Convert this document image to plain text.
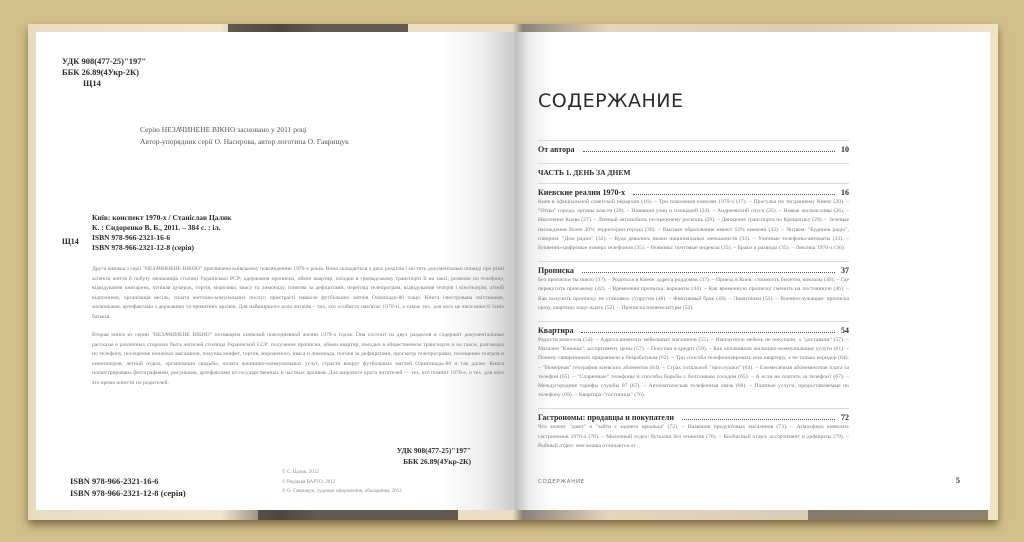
УДК 908(477-25)"197"
ББК 26.89(4Укр-2К)
Щ14
Серію НЕЗАЧИНЕНЕ ВІКНО засновано у 2011 році
Автор-упорядник серії О. Насирова, автор логотипа О. Гаврищук
Щ14
Київ: конспект 1970-х / Станіслав Цалик
К. : Сидоренко В. Б., 2011. – 384 с. : іл.
ISBN 978-966-2321-16-6
ISBN 978-966-2321-12-8 (серія)
Друга книжка з серії "НЕЗАЧИНЕНЕ ВІКНО" присвячена київському повсякденню 1970-х років. Вона складається з двох розділів і містить документальні оповіді про різні аспекти життя й побуту мешканців столиці Української РСР: одержання прописки, обмін квартир, поїздки в громадському транспорті й на таксі, розмови по телефону, відвідування книгарень, купівля цукерок, тортів, морозива, квасу та лимонаду, гонитва за дефіцитами, перегляд телепрограм, відвідування театрів і кінотеатрів, літній відпочинок, організація весіль, сплата житлово-комунальних послуг, пристрасті навколо футбольних матчів Олімпіади-80 тощо. Книга ілюстрована світлинами, малюнками, артефактами з державних та приватних архівів. Для найширшого кола читачів – тих, хто особисто пам'ятає 1970-ті, а також тих, для кого це часи юності їхніх батьків.
Вторая книга из серии "НЕЗАЧИНЕНЕ ВІКНО" посвящена киевской повседневной жизни 1970-х годов. Она состоит из двух разделов и содержит документальные рассказы о различных сторонах быта жителей столицы Украинской ССР: получение прописки, обмен квартир, поездки в общественном транспорте и на такси, разговоры по телефону, посещение книжных магазинов, покупка конфет, тортов, мороженого, кваса и лимонада, погоня за дефицитами, просмотр телепрограмм, посещение театров и кинотеатров, летний отдых, организация свадьбы, оплата жилищно-коммунальных услуг, страсти вокруг футбольных матчей Олимпиады-80 и так далее. Книга иллюстрирована фотографиями, рисунками, артефактами из государственных и частных архивов. Для широкого круга читателей — тех, кто помнит 1970-е, и тех, для кого это время юности их родителей.
УДК 908(477-25)"197"
ББК 26.89(4Укр-2К)
ISBN 978-966-2321-16-6
ISBN 978-966-2321-12-8 (серія)
© С. Цалик, 2012
© Редакція ВАРТО, 2012
© О. Гаврищук, художнє оформлення, обкладинка, 2012
СОДЕРЖАНИЕ
От автора	10
ЧАСТЬ 1. ДЕНЬ ЗА ДНЕМ
Киевские реалии 1970-х	16
Киев в официальной советской иерархии (16). – Три поколения киевлян 1970-х (17). – Прогулка по тогдашнему Киеву (20). – "Отцы" города, органы власти (20). – Названия улиц и площадей (24). – Андреевский спуск (25). – Новые жилмассивы (26). – Население Киева (27). – Личный автомобиль по-прежнему роскошь (29). – Движение транспорта по Крещатику (29). – Зеленые насаждения более 30% территории города (30). – Высшее образование имеют 12% киевлян (32). – Читаем: "Будинок радіо", говорим: "Дом радио" (32). – Куда девались языки национальных меньшинств (33). – Уличные телефоны-автоматы (33). – Буквенно-цифровые номера телефонов (35). – Новинка: почтовые индексы (35). – Браки и разводы (35). – Лексика 1970-х (36).
Прописка	37
Без прописки ты никто (37). – Родиться в Киеве: адреса роддомов (37). – Приезд в Киев: стоимость билетов, вокзалы (40). – Где перекусить приезжему (42). – Временная прописка: варианты (44). – Как временную прописку сменить на постоянную (46). – Как получить прописку, не становясь супругом (48). – Фиктивный брак (49). – Лимитчики (51). – Военнослужащие: прописка сразу, квартиру надо ждать (52). – Прописка номенклатуры (52).
Квартира	54
Радости новосела (54). – Адреса киевских мебельных магазинов (55). – Импортную мебель не покупали, а "доставали" (57). – Магазин "Книжка": ассортимент, цены (57). – Покупки в кредит (59). – Как оплачивали жилищно-коммунальные услуги (61). – Почему священников приравняли к безработным (62). – Три способа телефонизировать всю квартиру, а не только коридор (64). – "Номерная" география киевских абонентов (64). – Страх тотальной "прослушки" (64). – Ежемесячная абонементная плата за телефон (65). – "Спаренные" телефоны и способы борьбы с болтливым соседом (65). – А если не платить за телефон? (67). – Междугородние тарифы службы 07 (67). – Автоматическая телефонная связь (68). – Платные услуги, предоставляемые по телефону (69). – Квартира-"гостиница" (70).
Гастрономы: продавцы и покупатели	72
Что значит "дают" и "зайти с заднего крыльца" (72). – Названия продуктовых магазинов (73). – Атмосфера киевских гастрономов 1970-х (76). – Молочный отдел: бутылки без этикеток (76). – Колбасный отдел: ассортимент и дефициты (79). – Рыбный отдел: чем кошка отличается от
СОДЕРЖАНИЕ	5
